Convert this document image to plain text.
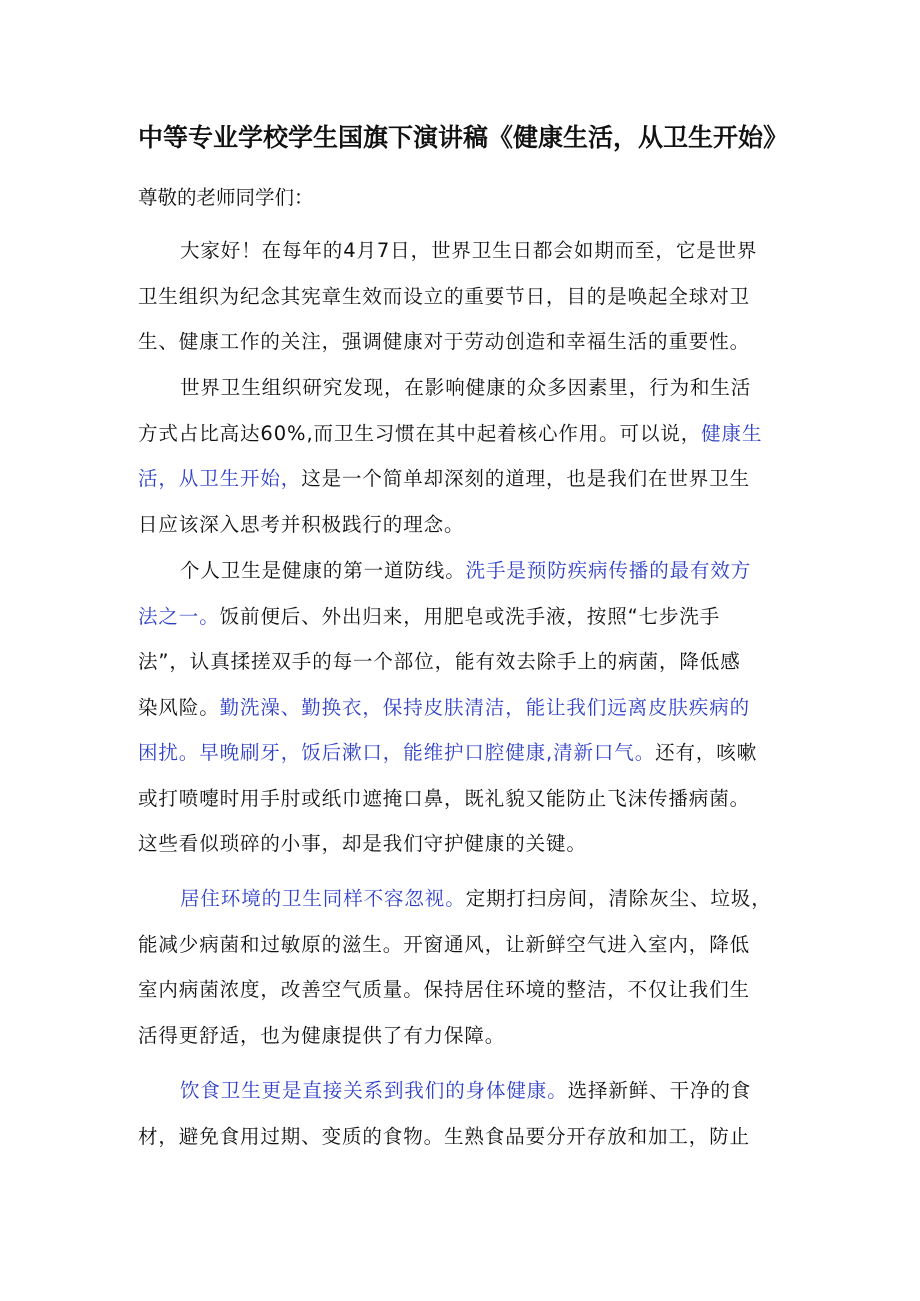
中等专业学校学生国旗下演讲稿《健康生活，从卫生开始》
尊敬的老师同学们：
大家好！在每年的4月7日，世界卫生日都会如期而至，它是世界
卫生组织为纪念其宪章生效而设立的重要节日，目的是唤起全球对卫
生、健康工作的关注，强调健康对于劳动创造和幸福生活的重要性。
世界卫生组织研究发现，在影响健康的众多因素里，行为和生活
方式占比高达60%,而卫生习惯在其中起着核心作用。可以说，健康生
活，从卫生开始，这是一个简单却深刻的道理，也是我们在世界卫生
日应该深入思考并积极践行的理念。
个人卫生是健康的第一道防线。洗手是预防疾病传播的最有效方
法之一。饭前便后、外出归来，用肥皂或洗手液，按照“七步洗手
法”，认真揉搓双手的每一个部位，能有效去除手上的病菌，降低感
染风险。勤洗澡、勤换衣，保持皮肤清洁，能让我们远离皮肤疾病的
困扰。早晚刷牙，饭后漱口，能维护口腔健康,清新口气。还有，咳嗽
或打喷嚏时用手肘或纸巾遮掩口鼻，既礼貌又能防止飞沫传播病菌。
这些看似琐碎的小事，却是我们守护健康的关键。
居住环境的卫生同样不容忽视。定期打扫房间，清除灰尘、垃圾，
能减少病菌和过敏原的滋生。开窗通风，让新鲜空气进入室内，降低
室内病菌浓度，改善空气质量。保持居住环境的整洁，不仅让我们生
活得更舒适，也为健康提供了有力保障。
饮食卫生更是直接关系到我们的身体健康。选择新鲜、干净的食
材，避免食用过期、变质的食物。生熟食品要分开存放和加工，防止
